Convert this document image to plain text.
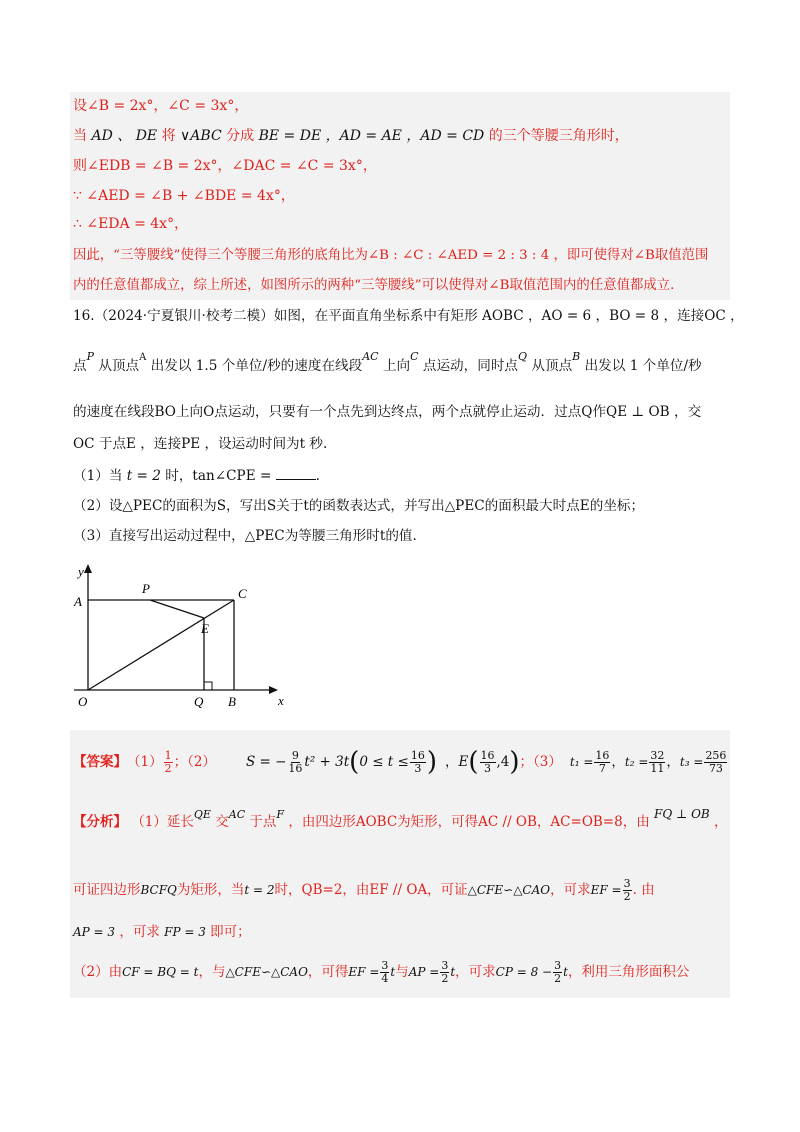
设∠B = 2x°，∠C = 3x°，
当 AD 、 DE 将 ∨ABC 分成 BE = DE ，AD = AE ，AD = CD 的三个等腰三角形时，
则∠EDB = ∠B = 2x°，∠DAC = ∠C = 3x°，
∵ ∠AED = ∠B + ∠BDE = 4x°，
∴ ∠EDA = 4x°，
因此，“三等腰线”使得三个等腰三角形的底角比为∠B : ∠C : ∠AED = 2 : 3 : 4 ，即可使得对∠B取值范围
内的任意值都成立，综上所述，如图所示的两种“三等腰线”可以使得对∠B取值范围内的任意值都成立.
16.（2024·宁夏银川·校考二模）如图，在平面直角坐标系中有矩形 AOBC ，AO = 6 ，BO = 8 ，连接OC ，
点$^P$ 从顶点$^A$ 出发以 1.5 个单位/秒的速度在线段$^{AC}$ 上向$^C$ 点运动，同时点$^Q$ 从顶点$^B$ 出发以 1 个单位/秒
的速度在线段BO上向O点运动，只要有一个点先到达终点，两个点就停止运动．过点Q作QE ⊥ OB ，交
OC 于点E ，连接PE ，设运动时间为t 秒.
（1）当 t = 2 时，tan∠CPE =	.
（2）设△PEC的面积为S，写出S关于t的函数表达式，并写出△PEC的面积最大时点E的坐标；
（3）直接写出运动过程中，△PEC为等腰三角形时t的值.
y
x
A
P	C
E
O	Q B
【答案】 $(1) \frac{1}{2}$ ；（2） S = − $\frac{9}{16} t^2 + 3t$ ( $0 \le t \le \frac{16}{3}$ ) ， E ( $\frac{16}{3} ,4$ ) ；（3） $t_1 = \frac{16}{7}$ ， $t_2 = \frac{32}{11}$ ， $t_3 = \frac{256}{73}$
【分析】 （1）延长$^{QE}$ 交$^{AC}$ 于点$^F$ ，由四边形AOBC为矩形，可得AC // OB，AC=OB=8，由 FQ ⊥ OB ，
可证四边形 BCFQ 为矩形，当 t = 2 时，QB=2，由EF // OA，可证 △CFE∽△CAO ，可求 EF = $\frac{3}{2}$ . 由
AP = 3 ，可求 FP = 3 即可；
（2）由 CF = BQ = t ，与 △CFE∽△CAO ，可得 EF = $\frac{3}{4}$ t 与 AP = $\frac{3}{2}$ t ，可求 CP = $8 - \frac{3}{2}$ t ，利用三角形面积公
